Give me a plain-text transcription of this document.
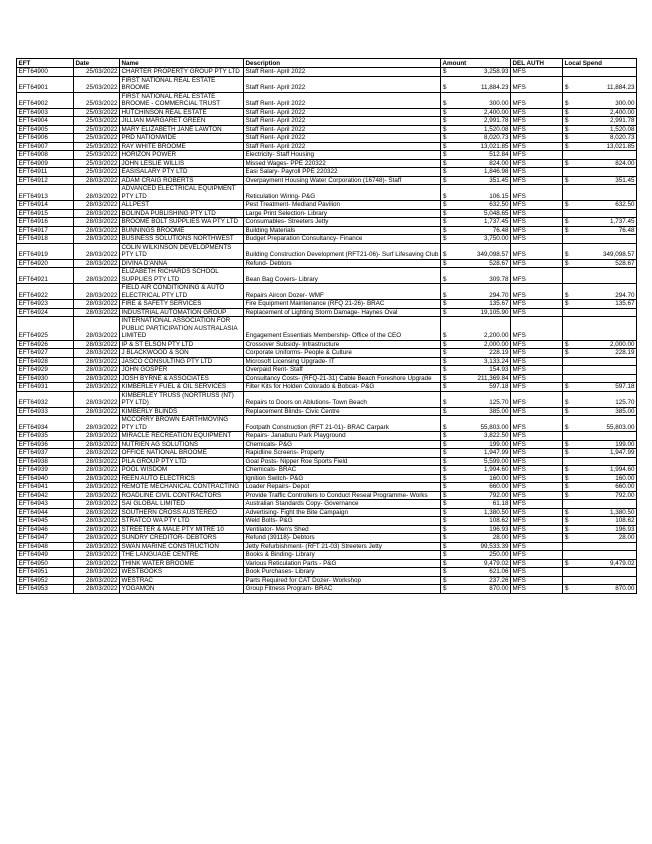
EFT	Date	Name	Description	Amount	DEL AUTH	Local Spend
EFT64900	25/03/2022	CHARTER PROPERTY GROUP PTY LTD	Staff Rent- April 2022	$ 3,258.93	MFS	
EFT64901	25/03/2022	FIRST NATIONAL REAL ESTATE BROOME	Staff Rent- April 2022	$ 11,884.23	MFS	$ 11,884.23

EFT64902	25/03/2022	FIRST NATIONAL REAL ESTATE BROOME - COMMERCIAL TRUST	Staff Rent- April 2022	$ 300.00	MFS	$ 300.00

EFT64903	25/03/2022	HUTCHINSON REAL ESTATE	Staff Rent- April 2022	$ 2,400.00	MFS	$ 2,400.00

EFT64904	25/03/2022	JILLIAN MARGARET GREEN	Staff Rent- April 2022	$ 2,991.78	MFS	$ 2,991.78

EFT64905	25/03/2022	MARY ELIZABETH JANE LAWTON	Staff Rent- April 2022	$ 1,520.08	MFS	$ 1,520.08

EFT64906	25/03/2022	PRD NATIONWIDE	Staff Rent- April 2022	$ 8,020.73	MFS	$ 8,020.73

EFT64907	25/03/2022	RAY WHITE BROOME	Staff Rent- April 2022	$ 13,021.85	MFS	$ 13,021.85

EFT64908	25/03/2022	HORIZON POWER	Electricity- Staff Housing	$ 512.84	MFS	
EFT64909	25/03/2022	JOHN LESLIE WILLIS	Missed Wages- PPE 220322	$ 824.00	MFS	$ 824.00

EFT64911	25/03/2022	EASISALARY PTY LTD	Easi Salary- Payroll PPE 220322	$ 1,846.98	MFS	
EFT64912	28/03/2022	ADAM CRAIG ROBERTS	Overpayment Housing Water Corporation (16748)- Staff	$ 351.45	MFS	$ 351.45

EFT64913	28/03/2022	ADVANCED ELECTRICAL EQUIPMENT PTY LTD	Reticulation Wiring- P&G	$ 106.15	MFS	
EFT64914	28/03/2022	ALLPEST	Pest Treatment- Medland Pavilion	$ 632.50	MFS	$ 632.50

EFT64915	28/03/2022	BOLINDA PUBLISHING PTY LTD	Large Print Selection- Library	$ 5,048.65	MFS	
EFT64916	28/03/2022	BROOME BOLT SUPPLIES WA PTY LTD	Consumables- Streeters Jetty	$ 1,737.45	MFS	$ 1,737.45

EFT64917	28/03/2022	BUNNINGS BROOME	Building Materials	$ 76.48	MFS	$ 76.48

EFT64918	28/03/2022	BUSINESS SOLUTIONS NORTHWEST	Budget Preparation Consultancy- Finance	$ 3,750.00	MFS	
EFT64919	28/03/2022	COLIN WILKINSON DEVELOPMENTS PTY LTD	Building Construction Development (RFT21-06)- Surf Lifesaving Club	$ 349,098.57	MFS	$ 349,098.57

EFT64920	28/03/2022	DIVINA D'ANNA	Refund- Debtors	$ 528.67	MFS	$ 528.67

EFT64921	28/03/2022	ELIZABETH RICHARDS SCHOOL SUPPLIES PTY LTD	Bean Bag Covers- Library	$ 309.78	MFS	
EFT64922	28/03/2022	FIELD AIR CONDITIONING & AUTO ELECTRICAL PTY LTD	Repairs Aircon Dozer- WMF	$ 294.70	MFS	$ 294.70

EFT64923	28/03/2022	FIRE & SAFETY SERVICES	Fire Equipment Maintenance (RFQ 21-26)- BRAC	$ 135.67	MFS	$ 135.67

EFT64924	28/03/2022	INDUSTRIAL AUTOMATION GROUP	Replacement of Lighting Storm Damage- Haynes Oval	$ 19,105.90	MFS	
EFT64925	28/03/2022	INTERNATIONAL ASSOCIATION FOR PUBLIC PARTICIPATION AUSTRALASIA LIMITED	Engagement Essentials Membership- Office of the CEO	$ 2,200.00	MFS	
EFT64926	28/03/2022	IP & ST ELSON PTY LTD	Crossover Subsidy- Infrastructure	$ 2,000.00	MFS	$ 2,000.00

EFT64927	28/03/2022	J BLACKWOOD & SON	Corporate Uniforms- People & Culture	$ 228.19	MFS	$ 228.19

EFT64928	28/03/2022	JASCO CONSULTING PTY LTD	Microsoft Licensing Upgrade- IT	$ 3,133.24	MFS	
EFT64929	28/03/2022	JOHN GOSPER	Overpaid Rent- Staff	$ 154.93	MFS	
EFT64930	28/03/2022	JOSH BYRNE & ASSOCIATES	Consultancy Costs- (RFQ-21-31) Cable Beach Foreshore Upgrade	$ 211,369.84	MFS	
EFT64931	28/03/2022	KIMBERLEY FUEL & OIL SERVICES	Filter Kits for Holden Colorado & Bobcat- P&G	$ 597.18	MFS	$ 597.18

EFT64932	28/03/2022	KIMBERLEY TRUSS (NORTRUSS (NT) PTY LTD)	Repairs to Doors on Ablutions- Town Beach	$ 125.70	MFS	$ 125.70

EFT64933	28/03/2022	KIMBERLY BLINDS	Replacement Blinds- Civic Centre	$ 385.00	MFS	$ 385.00

EFT64934	28/03/2022	MCCORRY BROWN EARTHMOVING PTY LTD	Footpath Construction (RFT 21-01)- BRAC Carpark	$ 55,803.00	MFS	$ 55,803.00

EFT64935	28/03/2022	MIRACLE RECREATION EQUIPMENT	Repairs- Janaburu Park Playground	$ 3,822.50	MFS	
EFT64936	28/03/2022	NUTRIEN AG SOLUTIONS	Chemicals- P&G	$ 199.00	MFS	$ 199.00

EFT64937	28/03/2022	OFFICE NATIONAL BROOME	Rapidline Screens- Property	$ 1,947.99	MFS	$ 1,947.99

EFT64938	28/03/2022	PILA GROUP PTY LTD	Goal Posts- Nipper Roe Sports Field	$ 5,599.00	MFS	
EFT64939	28/03/2022	POOL WISDOM	Chemicals- BRAC	$ 1,994.60	MFS	$ 1,994.60

EFT64940	28/03/2022	REEN AUTO ELECTRICS	Ignition Switch- P&G	$ 160.00	MFS	$ 160.00

EFT64941	28/03/2022	REMOTE MECHANICAL CONTRACTING	Loader Repairs- Depot	$ 660.00	MFS	$ 660.00

EFT64942	28/03/2022	ROADLINE CIVIL CONTRACTORS	Provide Traffic Controllers to Conduct Reseal Programme- Works	$ 792.00	MFS	$ 792.00

EFT64943	28/03/2022	SAI GLOBAL LIMITED	Australian Standards Copy- Governance	$ 61.18	MFS	
EFT64944	28/03/2022	SOUTHERN CROSS AUSTEREO	Advertising- Fight the Bite Campaign	$ 1,380.50	MFS	$ 1,380.50

EFT64945	28/03/2022	STRATCO WA PTY LTD	Weld Bolts- P&G	$ 108.62	MFS	$ 108.62

EFT64946	28/03/2022	STREETER & MALE PTY MITRE 10	Ventilator- Men's Shed	$ 196.93	MFS	$ 196.93

EFT64947	28/03/2022	SUNDRY CREDITOR- DEBTORS	Refund (39118)- Debtors	$ 28.00	MFS	$ 28.00

EFT64948	28/03/2022	SWAN MARINE CONSTRUCTION	Jetty Refurbishment- (RFT 21-03) Streeters Jetty	$ 99,533.39	MFS	
EFT64949	28/03/2022	THE LANGUAGE CENTRE	Books & Binding- Library	$ 250.00	MFS	
EFT64950	28/03/2022	THINK WATER BROOME	Various Reticulation Parts - P&G	$ 9,479.02	MFS	$ 9,479.02

EFT64951	28/03/2022	WESTBOOKS	Book Purchases- Library	$ 621.06	MFS	
EFT64952	28/03/2022	WESTRAC	Parts Required for CAT Dozer- Workshop	$ 237.26	MFS	
EFT64953	28/03/2022	YOGAMON	Group Fitness Program- BRAC	$ 870.00	MFS	$ 870.00
